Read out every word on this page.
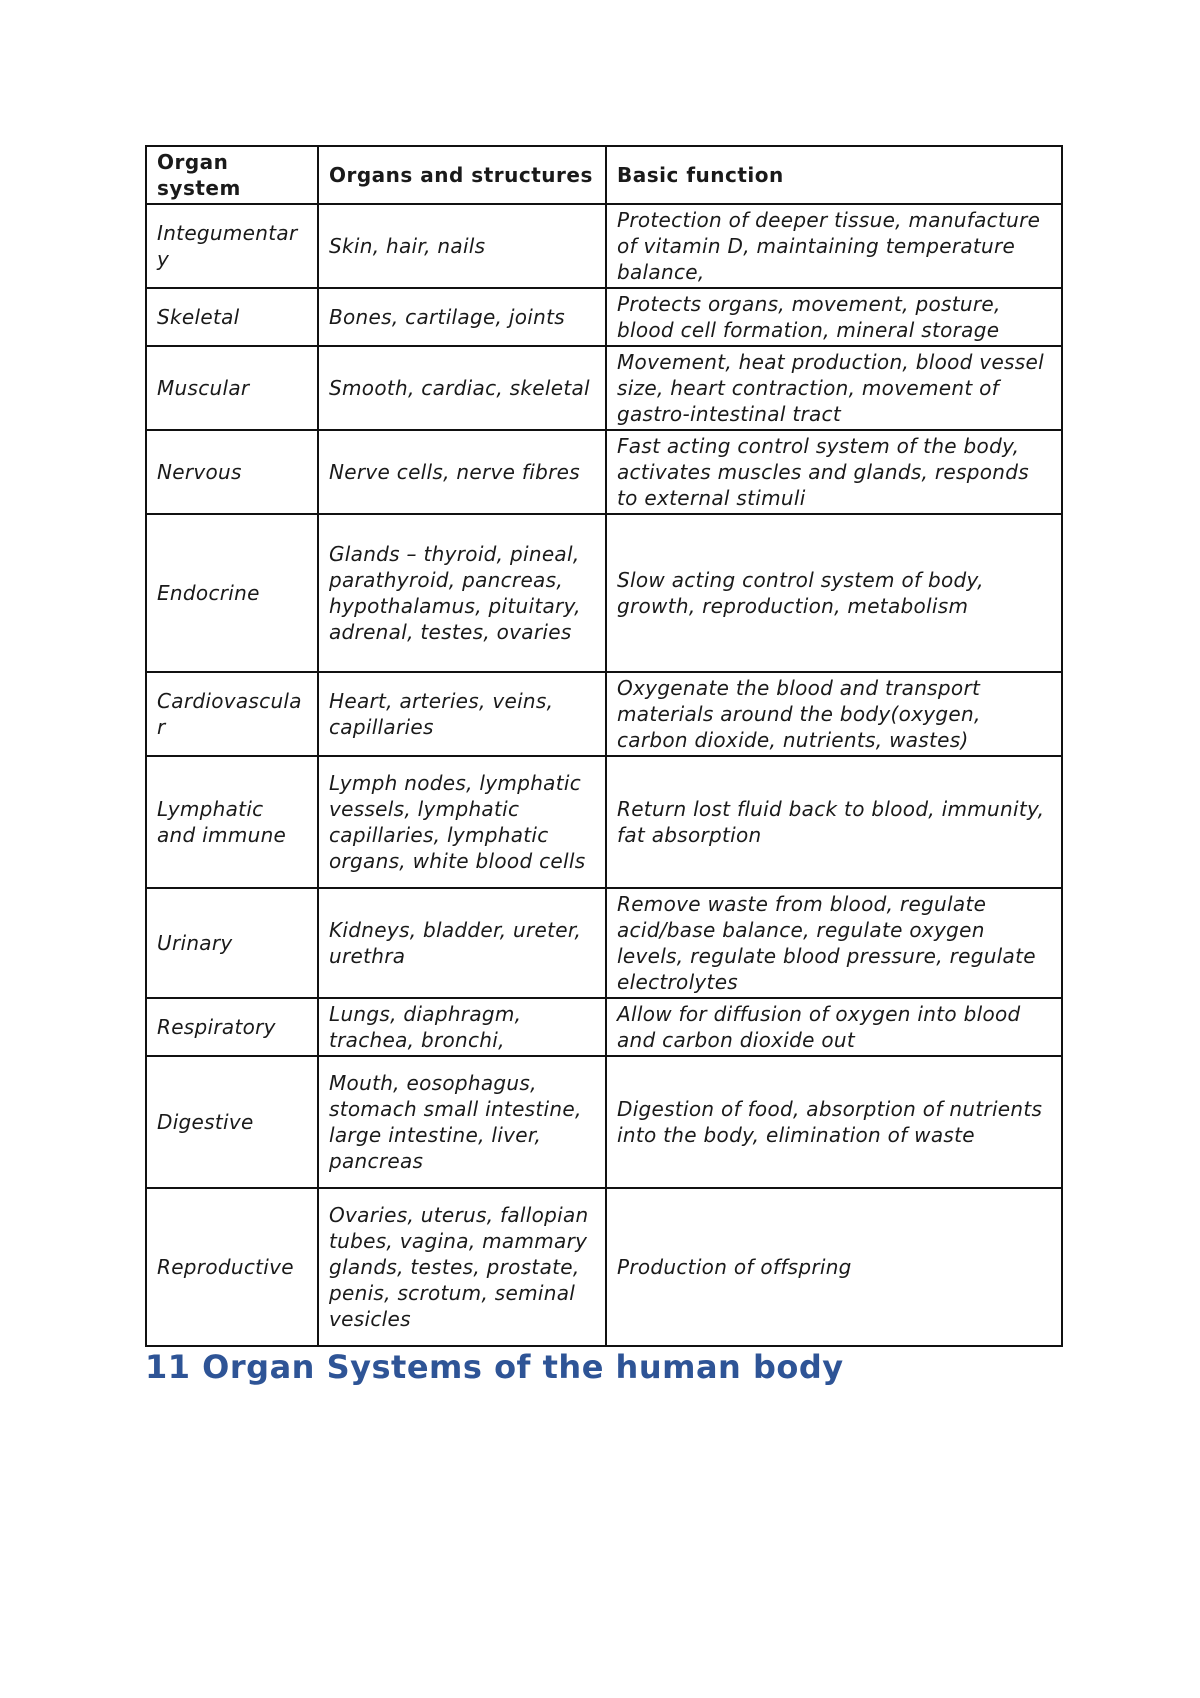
Organ system	Organs and structures	Basic function
Integumentary	Skin, hair, nails	Protection of deeper tissue, manufacture of vitamin D, maintaining temperature balance,
Skeletal	Bones, cartilage, joints	Protects organs, movement, posture, blood cell formation, mineral storage
Muscular	Smooth, cardiac, skeletal	Movement, heat production, blood vessel size, heart contraction, movement of gastro-intestinal tract
Nervous	Nerve cells, nerve fibres	Fast acting control system of the body, activates muscles and glands, responds to external stimuli
Endocrine	Glands – thyroid, pineal, parathyroid, pancreas, hypothalamus, pituitary, adrenal, testes, ovaries	Slow acting control system of body, growth, reproduction, metabolism
Cardiovascular	Heart, arteries, veins, capillaries	Oxygenate the blood and transport materials around the body(oxygen, carbon dioxide, nutrients, wastes)
Lymphatic and immune	Lymph nodes, lymphatic vessels, lymphatic capillaries, lymphatic organs, white blood cells	Return lost fluid back to blood, immunity, fat absorption
Urinary	Kidneys, bladder, ureter, urethra	Remove waste from blood, regulate acid/base balance, regulate oxygen levels, regulate blood pressure, regulate electrolytes
Respiratory	Lungs, diaphragm, trachea, bronchi,	Allow for diffusion of oxygen into blood and carbon dioxide out
Digestive	Mouth, eosophagus, stomach small intestine, large intestine, liver, pancreas	Digestion of food, absorption of nutrients into the body, elimination of waste
Reproductive	Ovaries, uterus, fallopian tubes, vagina, mammary glands, testes, prostate, penis, scrotum, seminal vesicles	Production of offspring
11 Organ Systems of the human body
